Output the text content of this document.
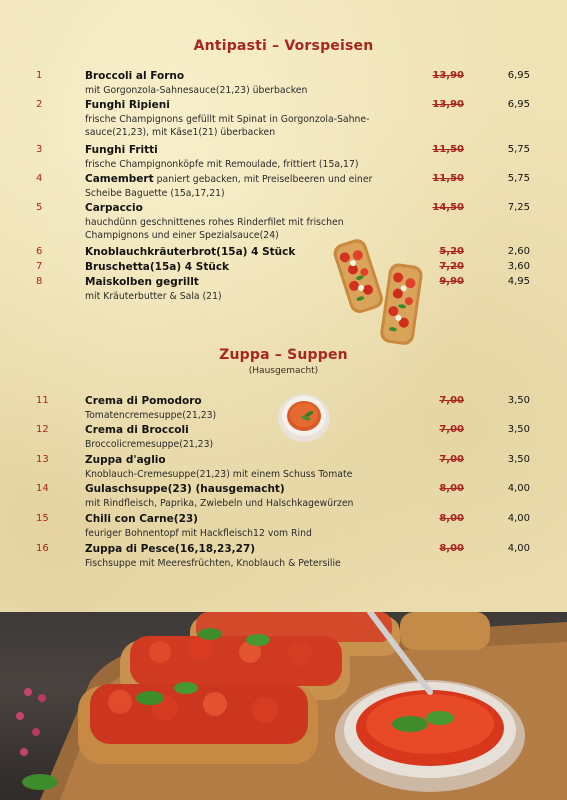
Antipasti – Vorspeisen
1	Broccoli al Forno	13,90	6,95
mit Gorgonzola-Sahnesauce(21,23) überbacken
2	Funghi Ripieni	13,90	6,95
frische Champignons gefüllt mit Spinat in Gorgonzola-Sahne-sauce(21,23), mit Käse1(21) überbacken
3	Funghi Fritti	11,50	5,75
frische Champignonköpfe mit Remoulade, frittiert (15a,17)
4	Camembert paniert gebacken, mit Preiselbeeren und einer	11,50	5,75
Scheibe Baguette (15a,17,21)
5	Carpaccio	14,50	7,25
hauchdünn geschnittenes rohes Rinderfilet mit frischen Champignons und einer Spezialsauce(24)
6	Knoblauchkräuterbrot(15a) 4 Stück	5,20	2,60
7	Bruschetta(15a) 4 Stück	7,20	3,60
8	Maiskolben gegrillt	9,90	4,95
mit Kräuterbutter & Sala (21)
Zuppa – Suppen
(Hausgemacht)
11	Crema di Pomodoro	7,00	3,50
Tomatencremesuppe(21,23)
12	Crema di Broccoli	7,00	3,50
Broccolicremesuppe(21,23)
13	Zuppa d'aglio	7,00	3,50
Knoblauch-Cremesuppe(21,23) mit einem Schuss Tomate
14	Gulaschsuppe(23) (hausgemacht)	8,00	4,00
mit Rindfleisch, Paprika, Zwiebeln und Halschkagewürzen
15	Chili con Carne(23)	8,00	4,00
feuriger Bohnentopf mit Hackfleisch12 vom Rind
16	Zuppa di Pesce(16,18,23,27)	8,00	4,00
Fischsuppe mit Meeresfrüchten, Knoblauch & Petersilie
